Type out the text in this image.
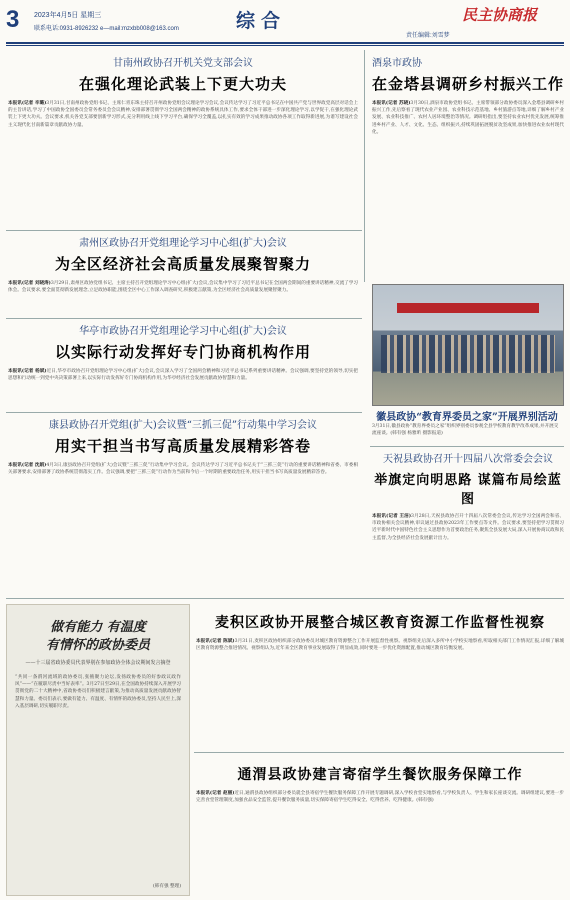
3 2023年4月5日 星期三
联系电话:0931-8926232 e—mail:mzxbb008@163.com	综合	民主协商报
责任编辑:刘雪梦
甘南州政协召开机关党支部会议
在强化理论武装上下更大功夫
本报讯(记者 辛璐)3月31日,甘南州政协党组书记、主席仁青东珠主持召开州政协党组会议理论学习会议,会议传达学习了习近平总书记在中国共产党与世界政党高层对话会上的主旨讲话,学习了中国政协全国委员会常务委员会会议精神,安排部署贯彻学习全国两会精神的政协系统具体工作,要求全体干部进一步深化理论学习,以学促干,在强化理论武装上下更大功夫。会议要求,机关各党支部要创新学习形式,充分利用线上线下学习平台,确保学习全覆盖,以扎实有效的学习成果推动政协各项工作取得新进展,为谱写建设社会主义现代化甘南新篇章贡献政协力量。
酒泉市政协
在金塔县调研乡村振兴工作
本报讯(记者 苏晓)3月30日,酒泉市政协党组书记、主席带领部分政协委员深入金塔县调研乡村振兴工作,先后察看了现代农业产业园、农业科技示范基地、乡村旅游点等地,详细了解乡村产业发展、农业科技推广、农村人居环境整治等情况。调研组指出,要坚持农业农村优先发展,统筹推进乡村产业、人才、文化、生态、组织振兴,持续巩固拓展脱贫攻坚成果,加快推进农业农村现代化。
肃州区政协召开党组理论学习中心组(扩大)会议
为全区经济社会高质量发展聚智聚力
本报讯(记者 刘晓涛)3月29日,肃州区政协党组书记、主席主持召开党组理论学习中心组(扩大)会议,会议集中学习了习近平总书记在全国两会期间的重要讲话精神,交流了学习体会。会议要求,要全面贯彻新发展理念,立足政协职能,围绕全区中心工作深入调查研究,积极建言献策,为全区经济社会高质量发展聚智聚力。
华亭市政协召开党组理论学习中心组(扩大)会议
以实际行动发挥好专门协商机构作用
本报讯(记者 杨斌)近日,华亭市政协召开党组理论学习中心组(扩大)会议,会议深入学习了全国两会精神和习近平总书记系列重要讲话精神。会议强调,要坚持党的领导,切实把思想和行动统一到党中央决策部署上来,以实际行动发挥好专门协商机构作用,为华亭经济社会发展贡献政协智慧和力量。
徽县政协“教育界委员之家”开展界别活动
3月31日,徽县政协“教育界委员之家”组织界别委员参观全县学校教育教学改革成果,并开展交流座谈。(韩有强 杨雅昕 摄影报道)
天祝县政协召开十四届八次常委会会议
举旗定向明思路 谋篇布局绘蓝图
本报讯(记者 王洁)3月28日,天祝县政协召开十四届八次常委会会议,传达学习全国两会和省、市政协相关会议精神,审议通过县政协2023年工作要点等文件。会议要求,要坚持把学习贯彻习近平新时代中国特色社会主义思想作为首要政治任务,聚焦全县发展大局,深入开展协商议政和民主监督,为全县经济社会发展献计出力。
康县政协召开党组(扩大)会议暨“三抓三促”行动集中学习会议
用实干担当书写高质量发展精彩答卷
本报讯(记者 沈娟)4月3日,康县政协召开党组(扩大)会议暨“三抓三促”行动集中学习会议。会议传达学习了习近平总书记关于“三抓三促”行动的重要讲话精神和省委、市委相关部署要求,安排部署了政协系统贯彻落实工作。会议强调,要把“三抓三促”行动作为当前和今后一个时期的重要政治任务,用实干担当书写高质量发展精彩答卷。
做有能力 有温度
有情怀的政协委员
——十三届省政协委员代表界别在参加政协全体会议期间发言摘登
“共同一条渭河流域的政协委员,张掖聚力论坛,发扬政协委员的好参政议政作风”——“在履职尽责中当好表率”。3月27日至29日,在全国政协持续深入开展学习贯彻党的二十大精神中,省政协委员们积极建言献策,为推动高质量发展贡献政协智慧和力量。委员们表示,要做有能力、有温度、有情怀的政协委员,坚持人民至上,深入基层调研,切实履职尽责。
(韩有强 整理)
麦积区政协开展整合城区教育资源工作监督性视察
本报讯(记者 陈斌)3月31日,麦积区政协组织部分政协委员对城区教育资源整合工作开展监督性视察。视察组先后深入多所中小学校实地察看,听取相关部门工作情况汇报,详细了解城区教育资源整合推进情况。视察组认为,近年来全区教育事业发展取得了明显成效,同时要进一步优化资源配置,推动城区教育均衡发展。
通渭县政协建言寄宿学生餐饮服务保障工作
本报讯(记者 赵丽)近日,通渭县政协组织部分委员就全县寄宿学生餐饮服务保障工作开展专题调研,深入学校食堂实地察看,与学校负责人、学生和家长座谈交流。调研组建议,要进一步完善食堂管理制度,加强食品安全监管,提升餐饮服务质量,切实保障寄宿学生吃得安全、吃得营养、吃得健康。(韩有强)
